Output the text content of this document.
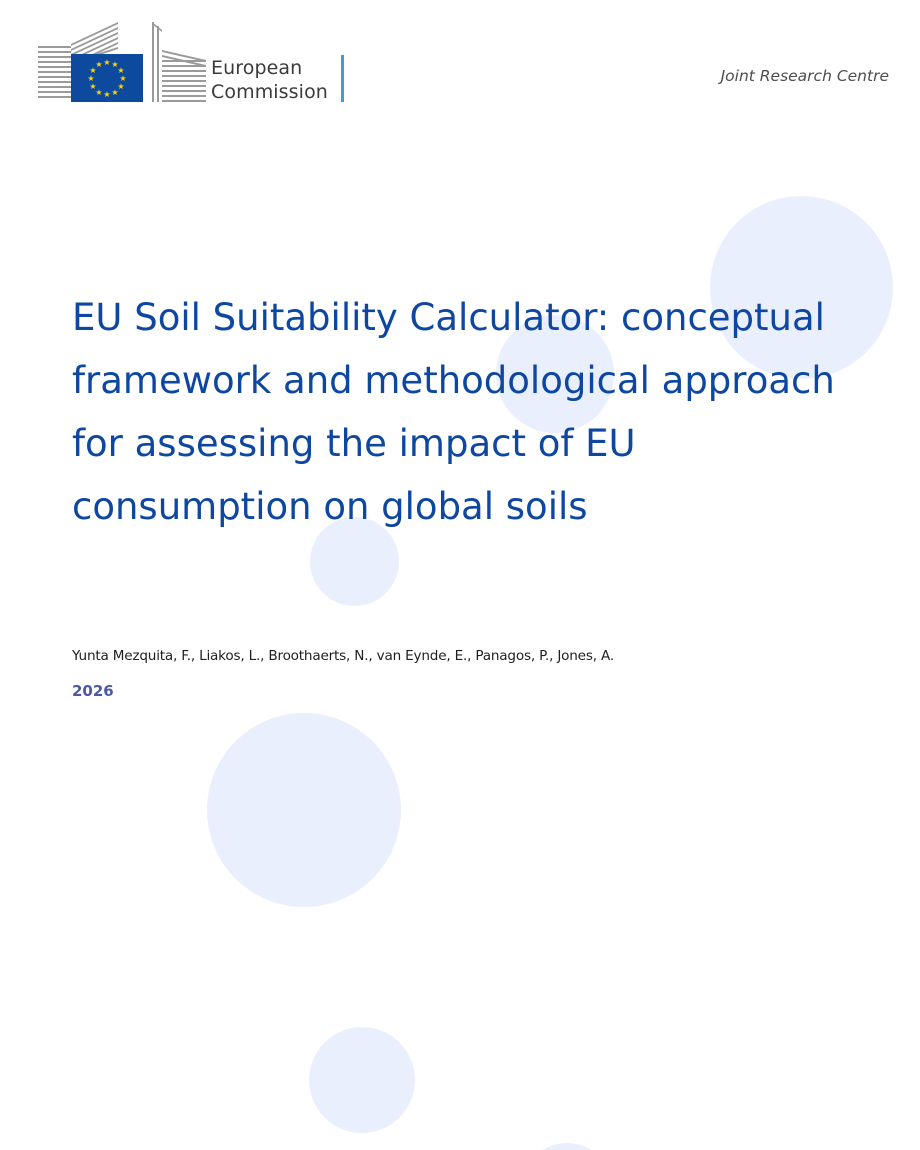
★ ★
★
★
★
★
★
★
★
★
★
★	European
Commission
Joint Research Centre
EU Soil Suitability Calculator: conceptual framework and methodological approach for assessing the impact of EU consumption on global soils
Yunta Mezquita, F., Liakos, L., Broothaerts, N., van Eynde, E., Panagos, P., Jones, A.
2026
